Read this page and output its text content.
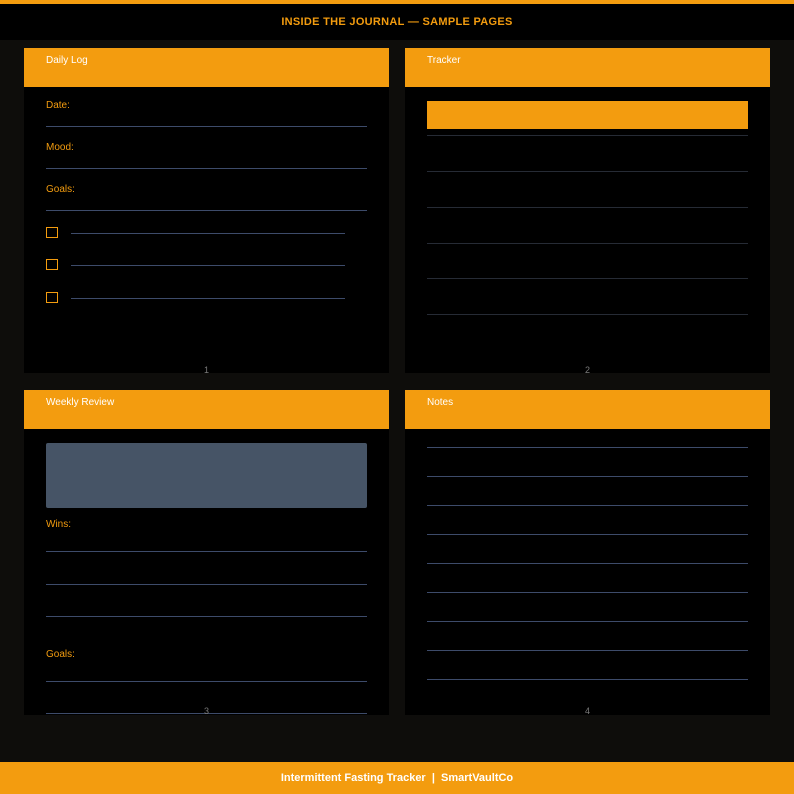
INSIDE THE JOURNAL — SAMPLE PAGES
Daily Log
Date:
Mood:
Goals:
1
Tracker
2
Weekly Review
Wins:
Goals:
3
Notes
4
Intermittent Fasting Tracker  |  SmartVaultCo
